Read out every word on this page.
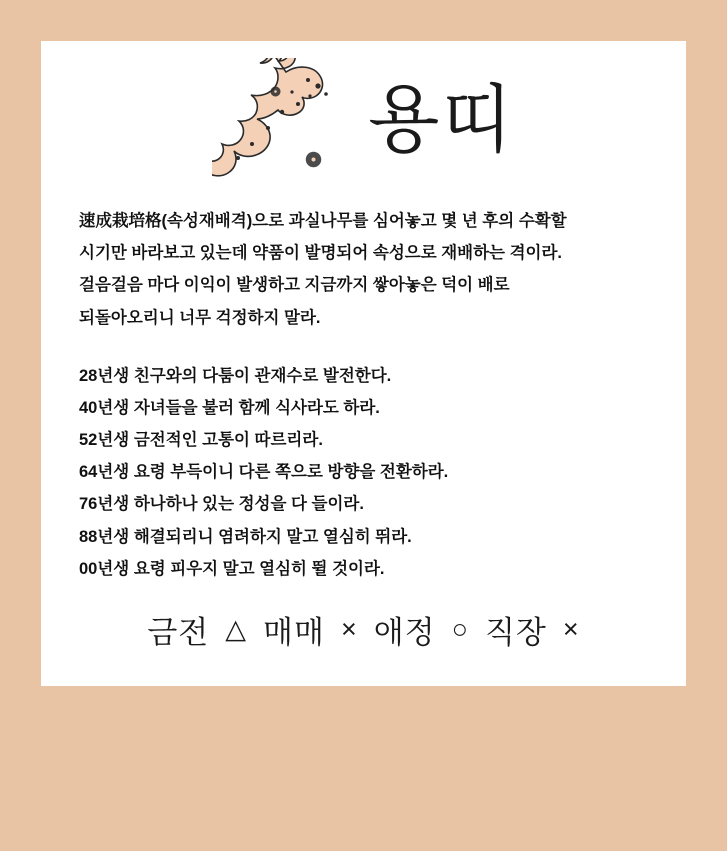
용띠

速成栽培格(속성재배격)으로 과실나무를 심어놓고 몇 년 후의 수확할

시기만 바라보고 있는데 약품이 발명되어 속성으로 재배하는 격이라.

걸음걸음 마다 이익이 발생하고 지금까지 쌓아놓은 덕이 배로

되돌아오리니 너무 걱정하지 말라.

28년생 친구와의 다툼이 관재수로 발전한다.

40년생 자녀들을 불러 함께 식사라도 하라.

52년생 금전적인 고통이 따르리라.

64년생 요령 부득이니 다른 쪽으로 방향을 전환하라.

76년생 하나하나 있는 정성을 다 들이라.

88년생 해결되리니 염려하지 말고 열심히 뛰라.

00년생 요령 피우지 말고 열심히 뛸 것이라.

금전 △ 매매 × 애정 ○ 직장 ×
